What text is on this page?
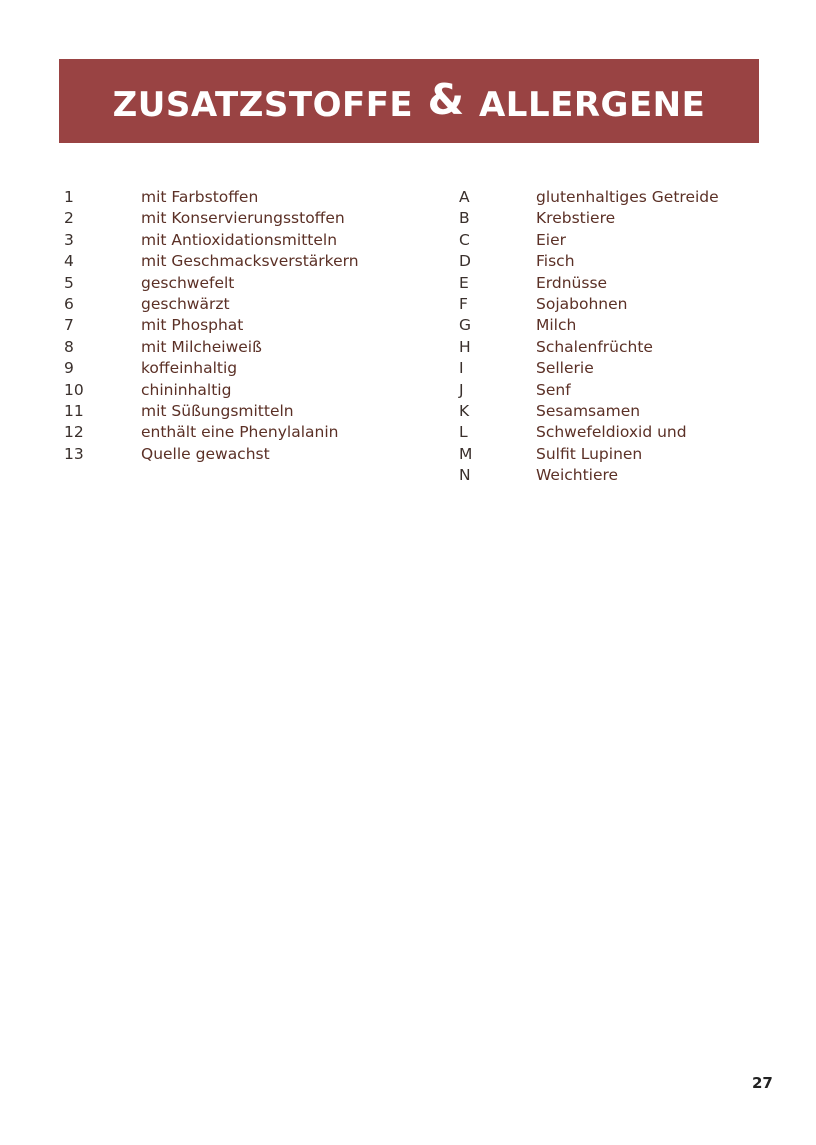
ZUSATZSTOFFE & ALLERGENE
1	mit Farbstoffen
2	mit Konservierungsstoffen
3	mit Antioxidationsmitteln
4	mit Geschmacksverstärkern
5	geschwefelt
6	geschwärzt
7	mit Phosphat
8	mit Milcheiweiß
9	koffeinhaltig
10	chininhaltig
11	mit Süßungsmitteln
12	enthält eine Phenylalanin
13	Quelle gewachst
A	glutenhaltiges Getreide
B	Krebstiere
C	Eier
D	Fisch
E	Erdnüsse
F	Sojabohnen
G	Milch
H	Schalenfrüchte
I	Sellerie
J	Senf
K	Sesamsamen
L	Schwefeldioxid und
M	Sulfit Lupinen
N	Weichtiere
27
